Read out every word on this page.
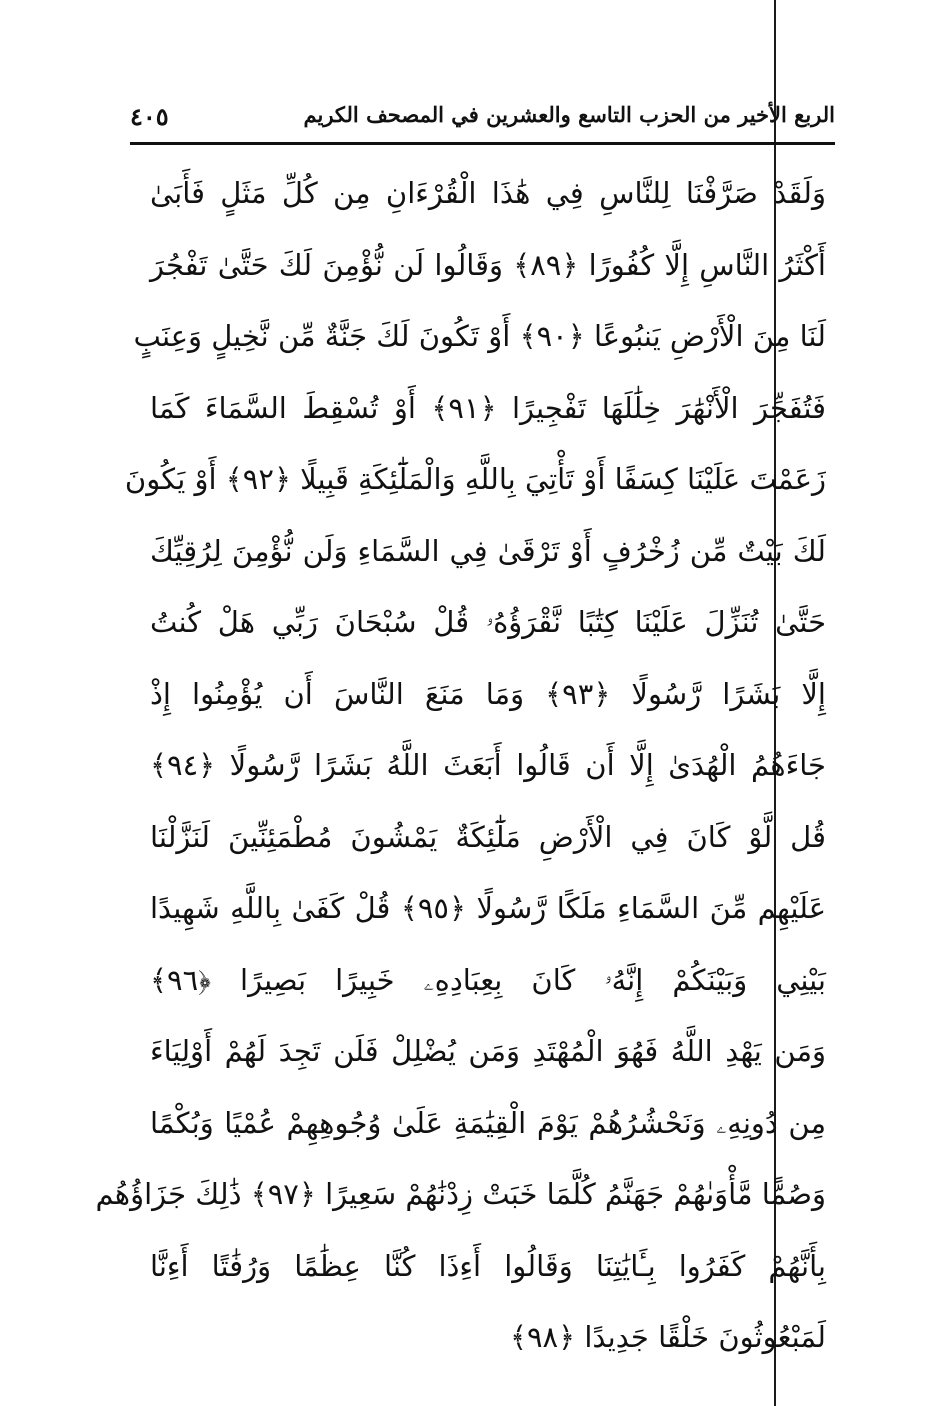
الربع الأخير من الحزب التاسع والعشرين في المصحف الكريم
٤٠٥
وَلَقَدْ صَرَّفْنَا لِلنَّاسِ فِي هَٰذَا الْقُرْءَانِ مِن كُلِّ مَثَلٍ فَأَبَىٰ
أَكْثَرُ النَّاسِ إِلَّا كُفُورًا ﴿٨٩﴾ وَقَالُوا لَن نُّؤْمِنَ لَكَ حَتَّىٰ تَفْجُرَ
لَنَا مِنَ الْأَرْضِ يَنبُوعًا ﴿٩٠﴾ أَوْ تَكُونَ لَكَ جَنَّةٌ مِّن نَّخِيلٍ وَعِنَبٍ
فَتُفَجِّرَ الْأَنْهَٰرَ خِلَٰلَهَا تَفْجِيرًا ﴿٩١﴾ أَوْ تُسْقِطَ السَّمَاءَ كَمَا
زَعَمْتَ عَلَيْنَا كِسَفًا أَوْ تَأْتِيَ بِاللَّهِ وَالْمَلَٰٓئِكَةِ قَبِيلًا ﴿٩٢﴾ أَوْ يَكُونَ
لَكَ بَيْتٌ مِّن زُخْرُفٍ أَوْ تَرْقَىٰ فِي السَّمَاءِ وَلَن نُّؤْمِنَ لِرُقِيِّكَ
حَتَّىٰ تُنَزِّلَ عَلَيْنَا كِتَٰبًا نَّقْرَؤُهُۥ قُلْ سُبْحَانَ رَبِّي هَلْ كُنتُ
إِلَّا بَشَرًا رَّسُولًا ﴿٩٣﴾ وَمَا مَنَعَ النَّاسَ أَن يُؤْمِنُوا إِذْ
جَاءَهُمُ الْهُدَىٰ إِلَّا أَن قَالُوا أَبَعَثَ اللَّهُ بَشَرًا رَّسُولًا ﴿٩٤﴾
قُل لَّوْ كَانَ فِي الْأَرْضِ مَلَٰٓئِكَةٌ يَمْشُونَ مُطْمَئِنِّينَ لَنَزَّلْنَا
عَلَيْهِم مِّنَ السَّمَاءِ مَلَكًا رَّسُولًا ﴿٩٥﴾ قُلْ كَفَىٰ بِاللَّهِ شَهِيدًا
بَيْنِي وَبَيْنَكُمْ إِنَّهُۥ كَانَ بِعِبَادِهِۦ خَبِيرًا بَصِيرًا ﴿٩٦﴾
وَمَن يَهْدِ اللَّهُ فَهُوَ الْمُهْتَدِ وَمَن يُضْلِلْ فَلَن تَجِدَ لَهُمْ أَوْلِيَاءَ
مِن دُونِهِۦ وَنَحْشُرُهُمْ يَوْمَ الْقِيَٰمَةِ عَلَىٰ وُجُوهِهِمْ عُمْيًا وَبُكْمًا
وَصُمًّا مَّأْوَىٰهُمْ جَهَنَّمُ كُلَّمَا خَبَتْ زِدْنَٰهُمْ سَعِيرًا ﴿٩٧﴾ ذَٰلِكَ جَزَاؤُهُم
بِأَنَّهُمْ كَفَرُوا بِـَٔايَٰتِنَا وَقَالُوا أَءِذَا كُنَّا عِظَٰمًا وَرُفَٰتًا أَءِنَّا
لَمَبْعُوثُونَ خَلْقًا جَدِيدًا ﴿٩٨﴾
